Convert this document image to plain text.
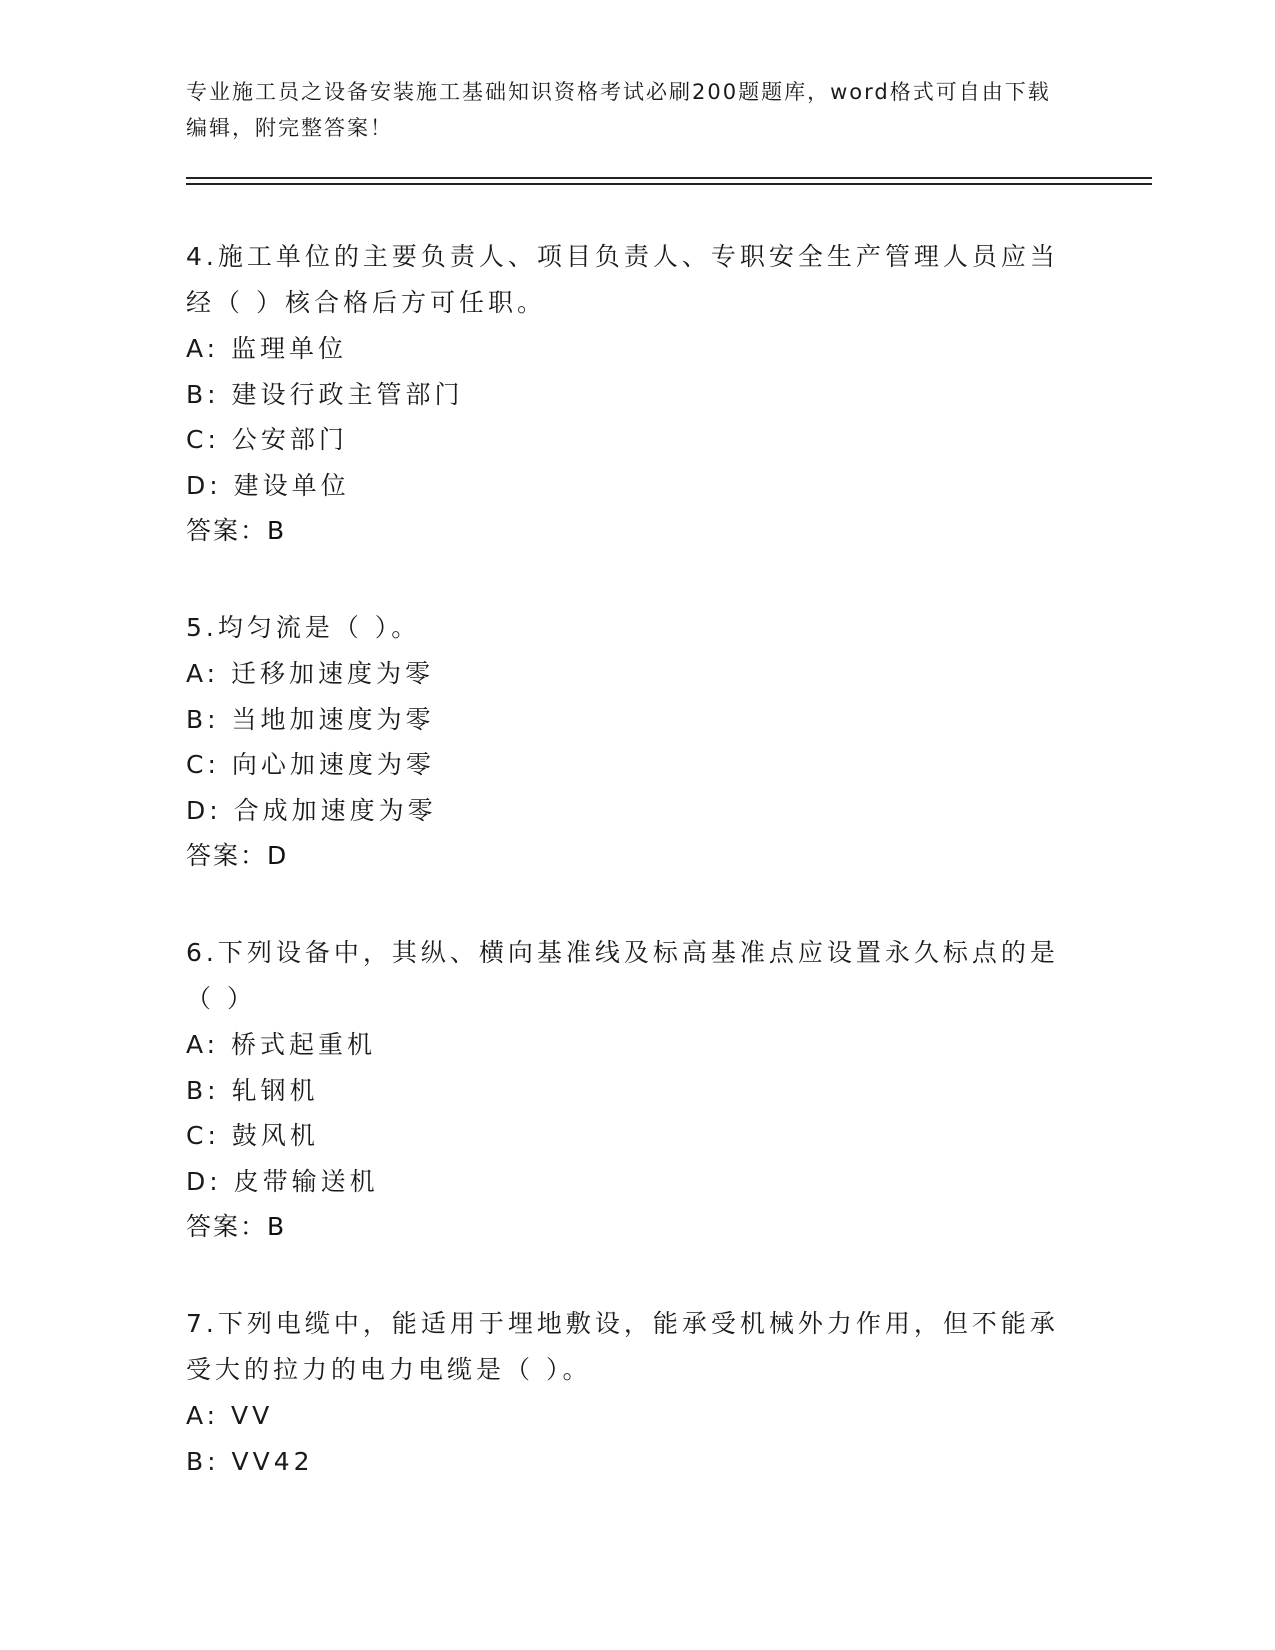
专业施工员之设备安装施工基础知识资格考试必刷200题题库，word格式可自由下载编辑，附完整答案！

4.施工单位的主要负责人、项目负责人、专职安全生产管理人员应当经（ ）核合格后方可任职。

A: 监理单位
B: 建设行政主管部门
C: 公安部门
D: 建设单位
答案：B

5.均匀流是（ ）。

A: 迁移加速度为零
B: 当地加速度为零
C: 向心加速度为零
D: 合成加速度为零
答案：D

6.下列设备中，其纵、横向基准线及标高基准点应设置永久标点的是（ ）

A: 桥式起重机
B: 轧钢机
C: 鼓风机
D: 皮带输送机
答案：B

7.下列电缆中，能适用于埋地敷设，能承受机械外力作用，但不能承受大的拉力的电力电缆是（ ）。

A: VV
B: VV42
